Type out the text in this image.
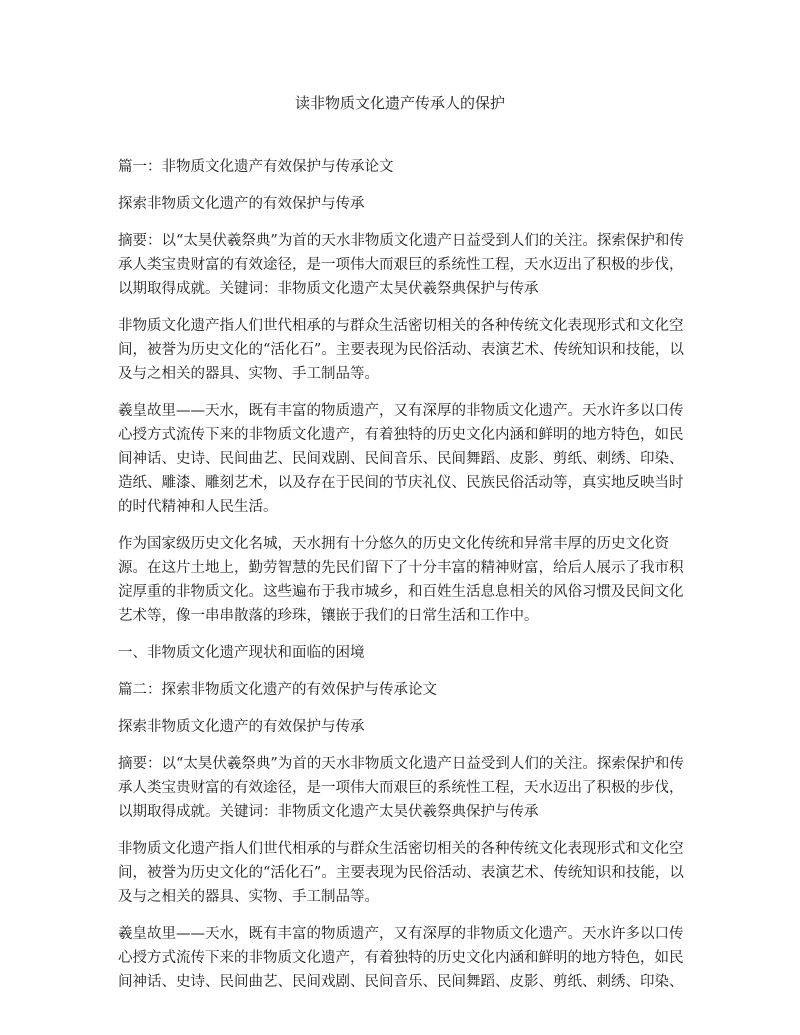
读非物质文化遗产传承人的保护

篇一：非物质文化遗产有效保护与传承论文

探索非物质文化遗产的有效保护与传承

摘要：以“太昊伏羲祭典”为首的天水非物质文化遗产日益受到人们的关注。探索保护和传
承人类宝贵财富的有效途径，是一项伟大而艰巨的系统性工程，天水迈出了积极的步伐，
以期取得成就。关键词：非物质文化遗产太昊伏羲祭典保护与传承

非物质文化遗产指人们世代相承的与群众生活密切相关的各种传统文化表现形式和文化空
间，被誉为历史文化的“活化石”。主要表现为民俗活动、表演艺术、传统知识和技能，以
及与之相关的器具、实物、手工制品等。

羲皇故里——天水，既有丰富的物质遗产，又有深厚的非物质文化遗产。天水许多以口传
心授方式流传下来的非物质文化遗产，有着独特的历史文化内涵和鲜明的地方特色，如民
间神话、史诗、民间曲艺、民间戏剧、民间音乐、民间舞蹈、皮影、剪纸、刺绣、印染、
造纸、雕漆、雕刻艺术，以及存在于民间的节庆礼仪、民族民俗活动等，真实地反映当时
的时代精神和人民生活。

作为国家级历史文化名城，天水拥有十分悠久的历史文化传统和异常丰厚的历史文化资
源。在这片土地上，勤劳智慧的先民们留下了十分丰富的精神财富，给后人展示了我市积
淀厚重的非物质文化。这些遍布于我市城乡，和百姓生活息息相关的风俗习惯及民间文化
艺术等，像一串串散落的珍珠，镶嵌于我们的日常生活和工作中。

一、非物质文化遗产现状和面临的困境

篇二：探索非物质文化遗产的有效保护与传承论文

探索非物质文化遗产的有效保护与传承

摘要：以“太昊伏羲祭典”为首的天水非物质文化遗产日益受到人们的关注。探索保护和传
承人类宝贵财富的有效途径，是一项伟大而艰巨的系统性工程，天水迈出了积极的步伐，
以期取得成就。关键词：非物质文化遗产太昊伏羲祭典保护与传承

非物质文化遗产指人们世代相承的与群众生活密切相关的各种传统文化表现形式和文化空
间，被誉为历史文化的“活化石”。主要表现为民俗活动、表演艺术、传统知识和技能，以
及与之相关的器具、实物、手工制品等。

羲皇故里——天水，既有丰富的物质遗产，又有深厚的非物质文化遗产。天水许多以口传
心授方式流传下来的非物质文化遗产，有着独特的历史文化内涵和鲜明的地方特色，如民
间神话、史诗、民间曲艺、民间戏剧、民间音乐、民间舞蹈、皮影、剪纸、刺绣、印染、
